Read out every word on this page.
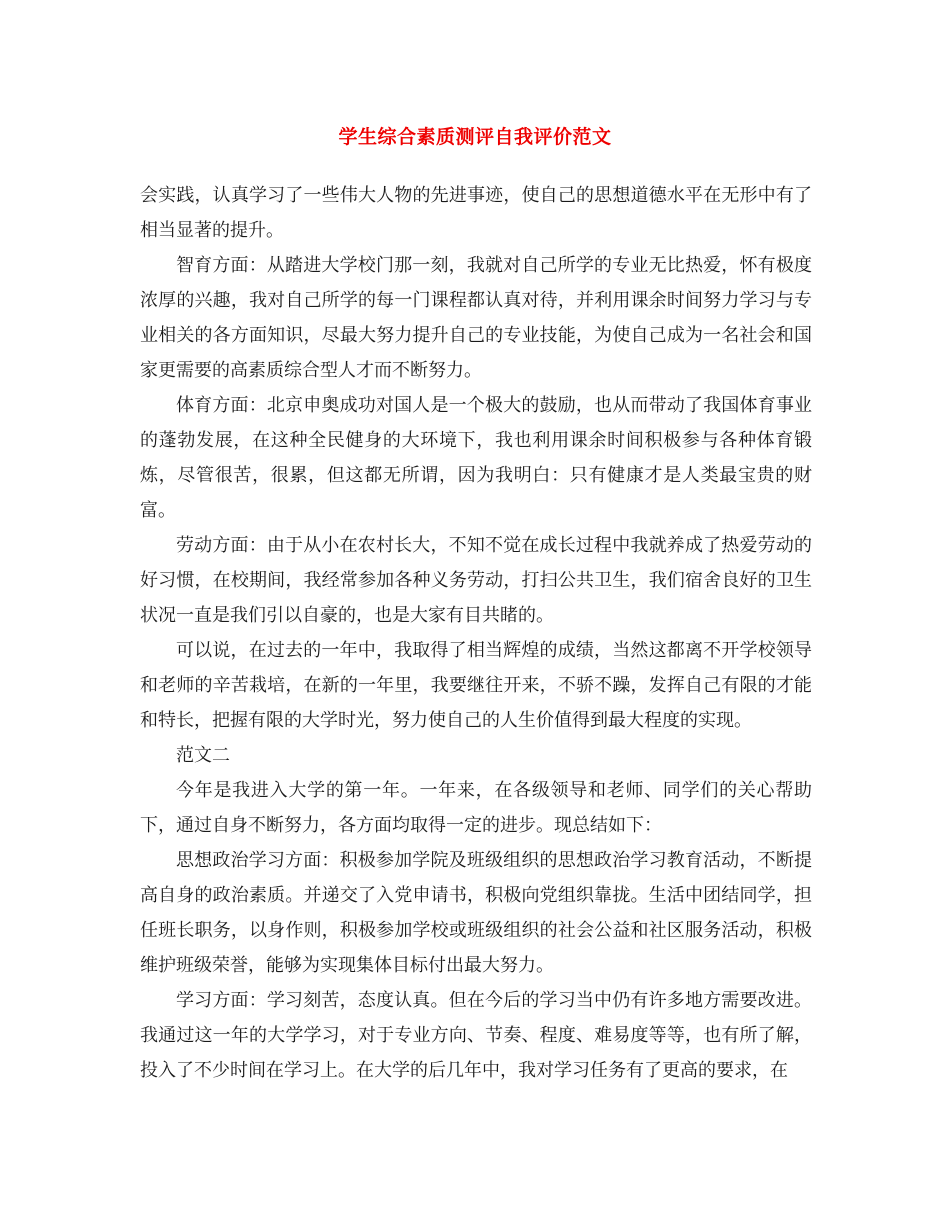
学生综合素质测评自我评价范文

会实践，认真学习了一些伟大人物的先进事迹，使自己的思想道德水平在无形中有了相当显著的提升。

智育方面：从踏进大学校门那一刻，我就对自己所学的专业无比热爱，怀有极度浓厚的兴趣，我对自己所学的每一门课程都认真对待，并利用课余时间努力学习与专业相关的各方面知识，尽最大努力提升自己的专业技能，为使自己成为一名社会和国家更需要的高素质综合型人才而不断努力。

体育方面：北京申奥成功对国人是一个极大的鼓励，也从而带动了我国体育事业的蓬勃发展，在这种全民健身的大环境下，我也利用课余时间积极参与各种体育锻炼，尽管很苦，很累，但这都无所谓，因为我明白：只有健康才是人类最宝贵的财富。

劳动方面：由于从小在农村长大，不知不觉在成长过程中我就养成了热爱劳动的好习惯，在校期间，我经常参加各种义务劳动，打扫公共卫生，我们宿舍良好的卫生状况一直是我们引以自豪的，也是大家有目共睹的。

可以说，在过去的一年中，我取得了相当辉煌的成绩，当然这都离不开学校领导和老师的辛苦栽培，在新的一年里，我要继往开来，不骄不躁，发挥自己有限的才能和特长，把握有限的大学时光，努力使自己的人生价值得到最大程度的实现。

范文二

今年是我进入大学的第一年。一年来，在各级领导和老师、同学们的关心帮助下，通过自身不断努力，各方面均取得一定的进步。现总结如下：

思想政治学习方面：积极参加学院及班级组织的思想政治学习教育活动，不断提高自身的政治素质。并递交了入党申请书，积极向党组织靠拢。生活中团结同学，担任班长职务，以身作则，积极参加学校或班级组织的社会公益和社区服务活动，积极维护班级荣誉，能够为实现集体目标付出最大努力。

学习方面：学习刻苦，态度认真。但在今后的学习当中仍有许多地方需要改进。我通过这一年的大学学习，对于专业方向、节奏、程度、难易度等等，也有所了解，投入了不少时间在学习上。在大学的后几年中，我对学习任务有了更高的要求，在
